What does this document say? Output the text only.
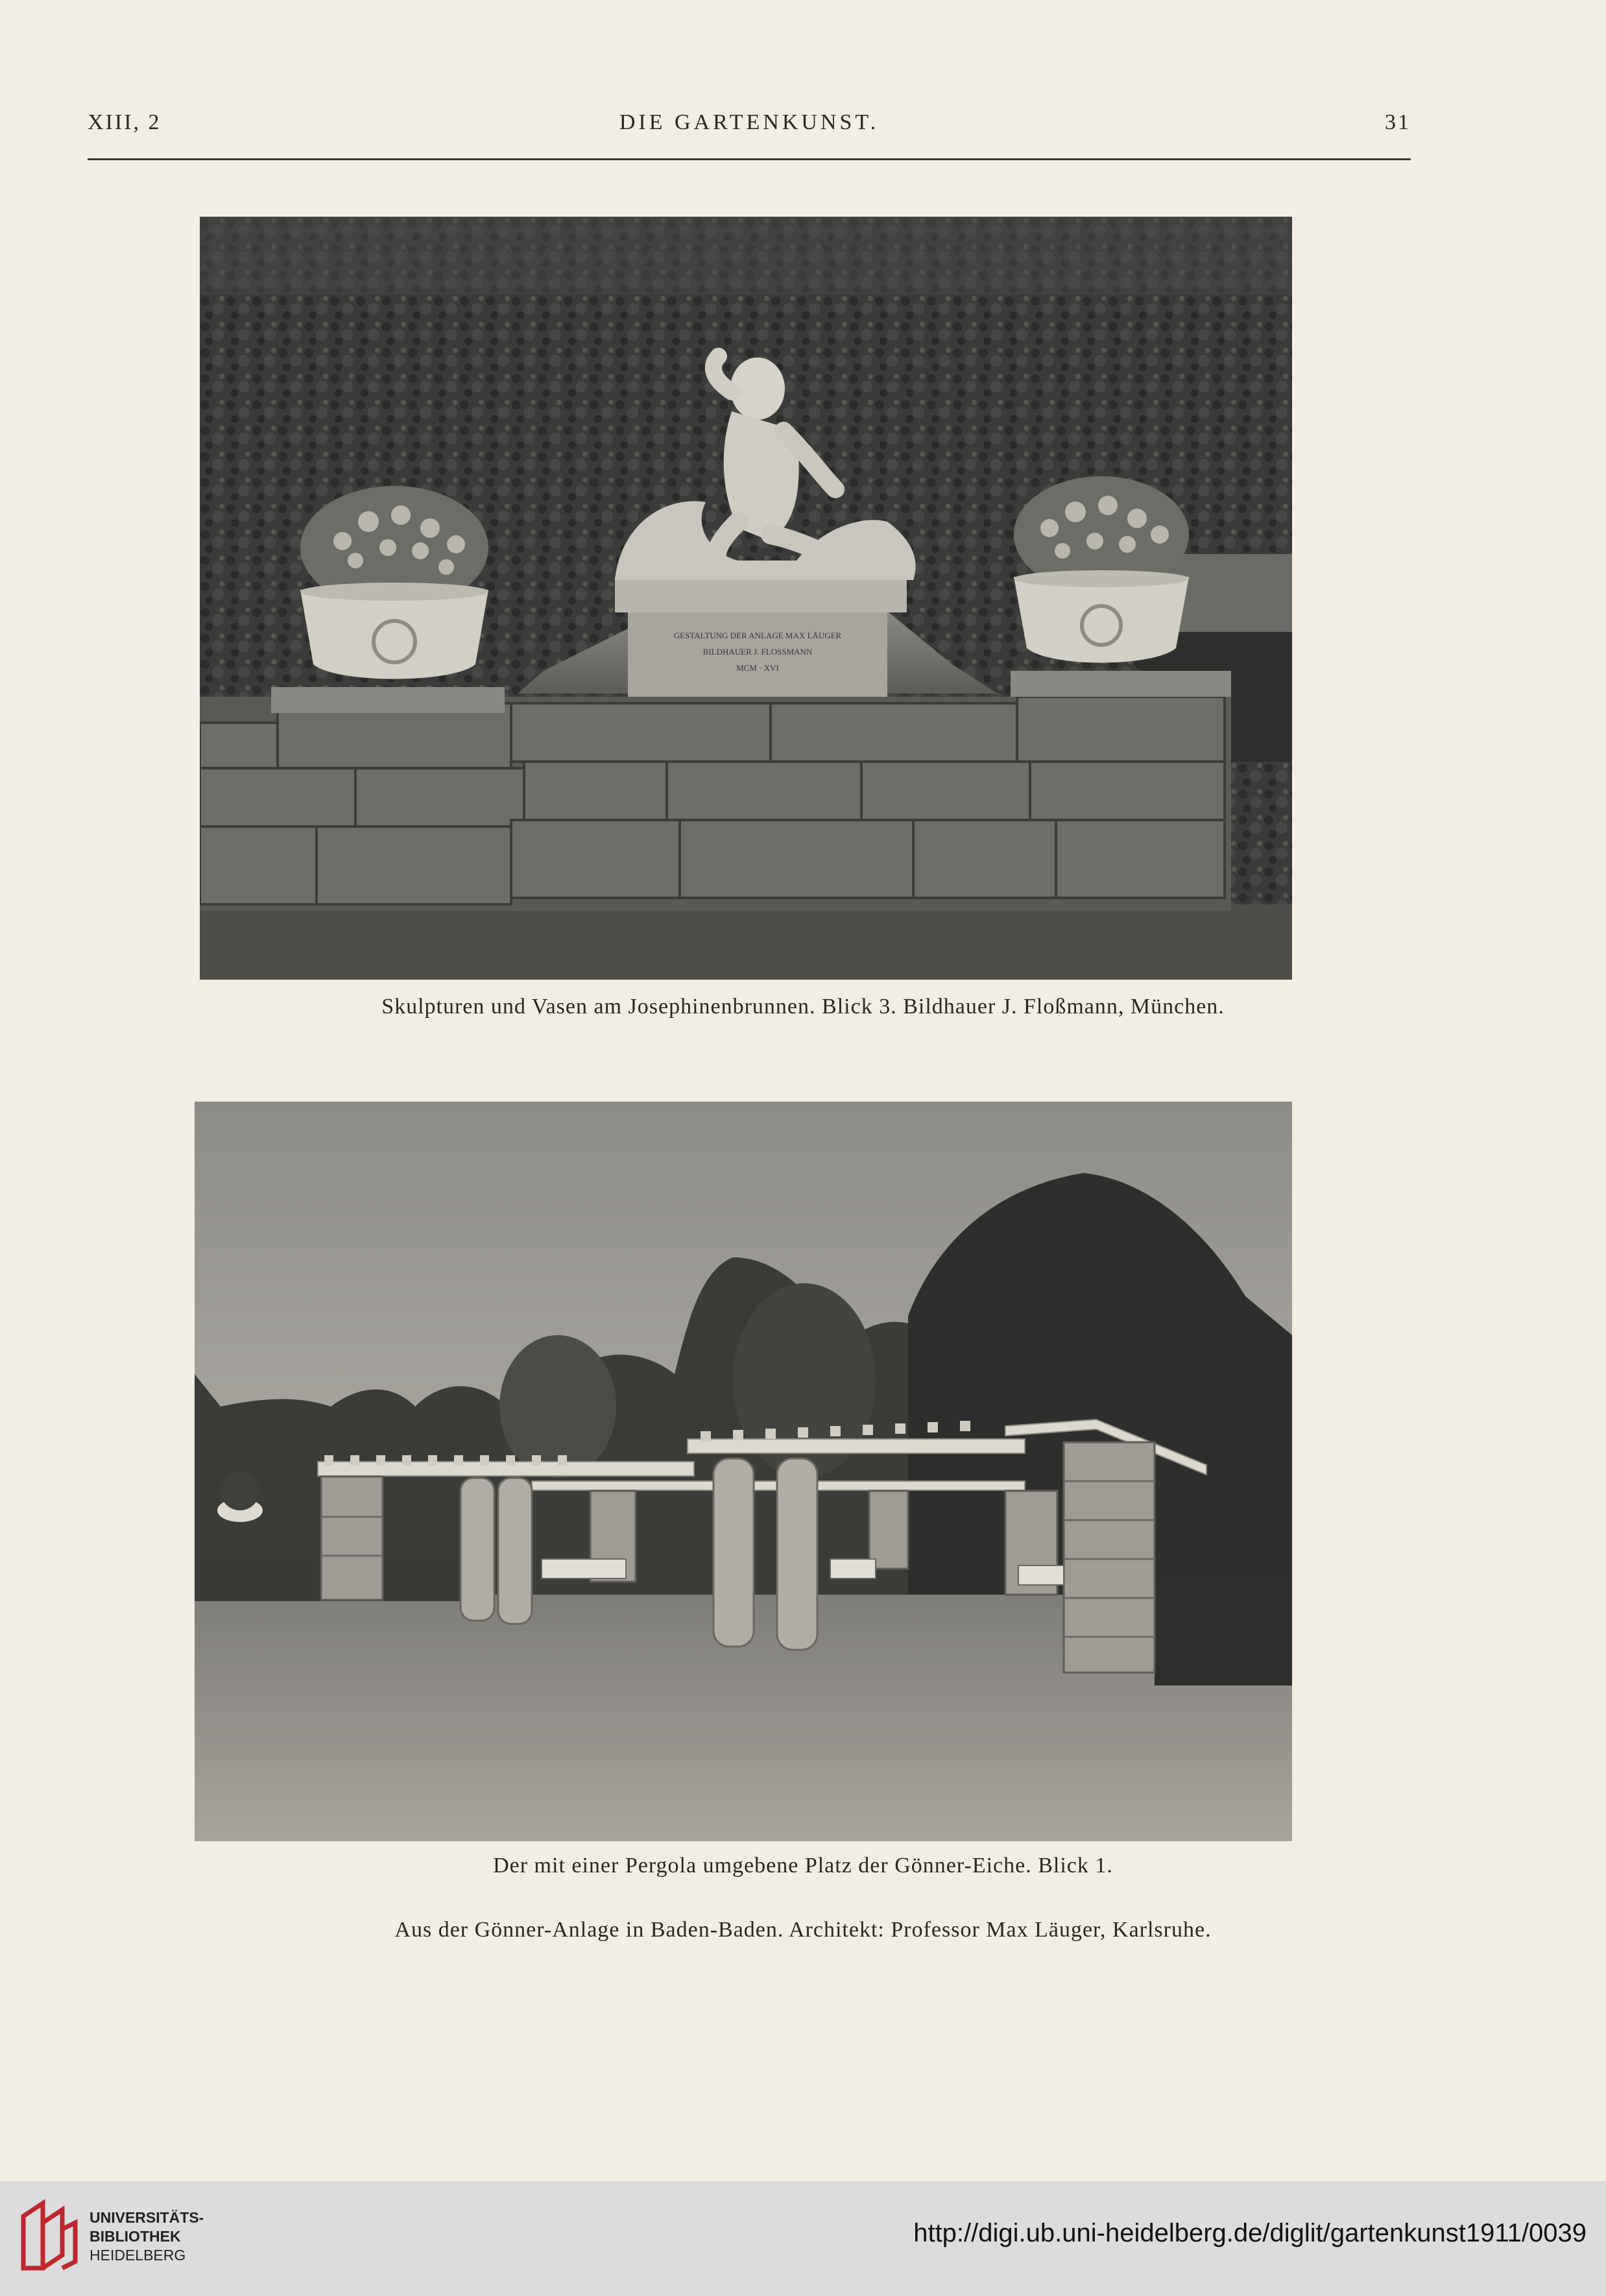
XIII, 2	DIE GARTENKUNST.	31
GESTALTUNG DER ANLAGE MAX LÄUGER
BILDHAUER J. FLOSSMANN
MCM · XVI
Skulpturen und Vasen am Josephinenbrunnen. Blick 3. Bildhauer J. Floßmann, München.
Der mit einer Pergola umgebene Platz der Gönner-Eiche. Blick 1.
Aus der Gönner-Anlage in Baden-Baden. Architekt: Professor Max Läuger, Karlsruhe.
UNIVERSITÄTS-
BIBLIOTHEK
HEIDELBERG
http://digi.ub.uni-heidelberg.de/diglit/gartenkunst1911/0039
